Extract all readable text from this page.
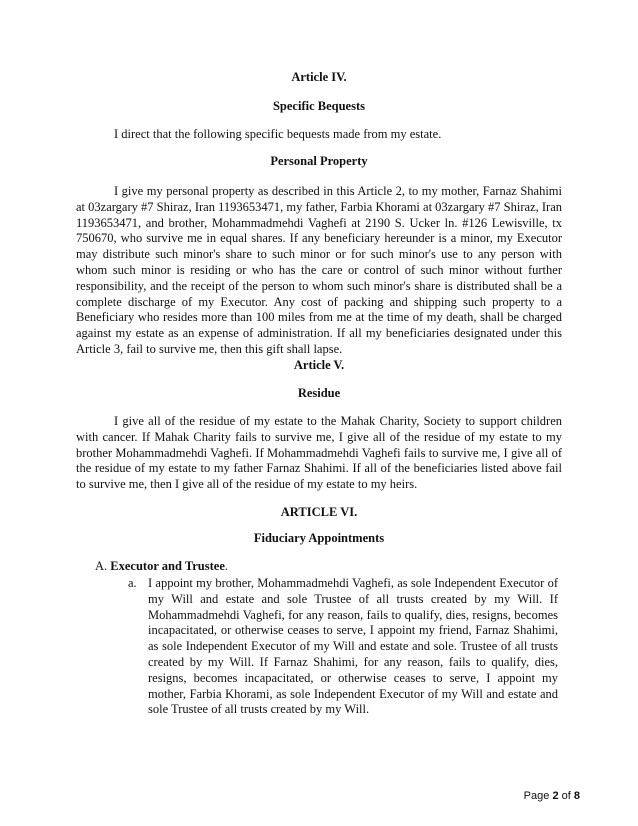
Article IV.
Specific Bequests
I direct that the following specific bequests made from my estate.
Personal Property
I give my personal property as described in this Article 2, to my mother, Farnaz Shahimi at 03zargary #7 Shiraz, Iran 1193653471, my father, Farbia Khorami at 03zargary #7 Shiraz, Iran 1193653471, and brother, Mohammadmehdi Vaghefi at 2190 S. Ucker ln. #126 Lewisville, tx 750670, who survive me in equal shares. If any beneficiary hereunder is a minor, my Executor may distribute such minor's share to such minor or for such minor's use to any person with whom such minor is residing or who has the care or control of such minor without further responsibility, and the receipt of the person to whom such minor's share is distributed shall be a complete discharge of my Executor. Any cost of packing and shipping such property to a Beneficiary who resides more than 100 miles from me at the time of my death, shall be charged against my estate as an expense of administration. If all my beneficiaries designated under this Article 3, fail to survive me, then this gift shall lapse.
Article V.
Residue
I give all of the residue of my estate to the Mahak Charity, Society to support children with cancer. If Mahak Charity fails to survive me, I give all of the residue of my estate to my brother Mohammadmehdi Vaghefi. If Mohammadmehdi Vaghefi fails to survive me, I give all of the residue of my estate to my father Farnaz Shahimi. If all of the beneficiaries listed above fail to survive me, then I give all of the residue of my estate to my heirs.
ARTICLE VI.
Fiduciary Appointments
A. Executor and Trustee.
a. I appoint my brother, Mohammadmehdi Vaghefi, as sole Independent Executor of my Will and estate and sole Trustee of all trusts created by my Will. If Mohammadmehdi Vaghefi, for any reason, fails to qualify, dies, resigns, becomes incapacitated, or otherwise ceases to serve, I appoint my friend, Farnaz Shahimi, as sole Independent Executor of my Will and estate and sole. Trustee of all trusts created by my Will. If Farnaz Shahimi, for any reason, fails to qualify, dies, resigns, becomes incapacitated, or otherwise ceases to serve, I appoint my mother, Farbia Khorami, as sole Independent Executor of my Will and estate and sole Trustee of all trusts created by my Will.
Page 2 of 8
